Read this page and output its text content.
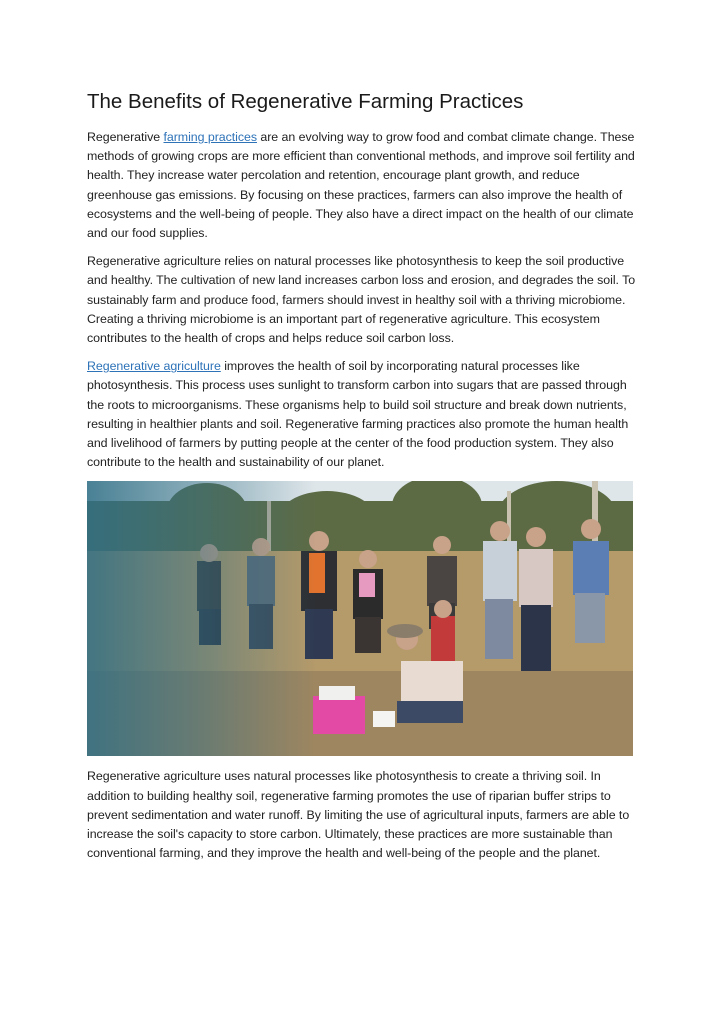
The Benefits of Regenerative Farming Practices

Regenerative farming practices are an evolving way to grow food and combat climate change. These methods of growing crops are more efficient than conventional methods, and improve soil fertility and health. They increase water percolation and retention, encourage plant growth, and reduce greenhouse gas emissions. By focusing on these practices, farmers can also improve the health of ecosystems and the well-being of people. They also have a direct impact on the health of our climate and our food supplies.

Regenerative agriculture relies on natural processes like photosynthesis to keep the soil productive and healthy. The cultivation of new land increases carbon loss and erosion, and degrades the soil. To sustainably farm and produce food, farmers should invest in healthy soil with a thriving microbiome. Creating a thriving microbiome is an important part of regenerative agriculture. This ecosystem contributes to the health of crops and helps reduce soil carbon loss.

Regenerative agriculture improves the health of soil by incorporating natural processes like photosynthesis. This process uses sunlight to transform carbon into sugars that are passed through the roots to microorganisms. These organisms help to build soil structure and break down nutrients, resulting in healthier plants and soil. Regenerative farming practices also promote the human health and livelihood of farmers by putting people at the center of the food production system. They also contribute to the health and sustainability of our planet.

Regenerative agriculture uses natural processes like photosynthesis to create a thriving soil. In addition to building healthy soil, regenerative farming promotes the use of riparian buffer strips to prevent sedimentation and water runoff. By limiting the use of agricultural inputs, farmers are able to increase the soil's capacity to store carbon. Ultimately, these practices are more sustainable than conventional farming, and they improve the health and well-being of the people and the planet.
